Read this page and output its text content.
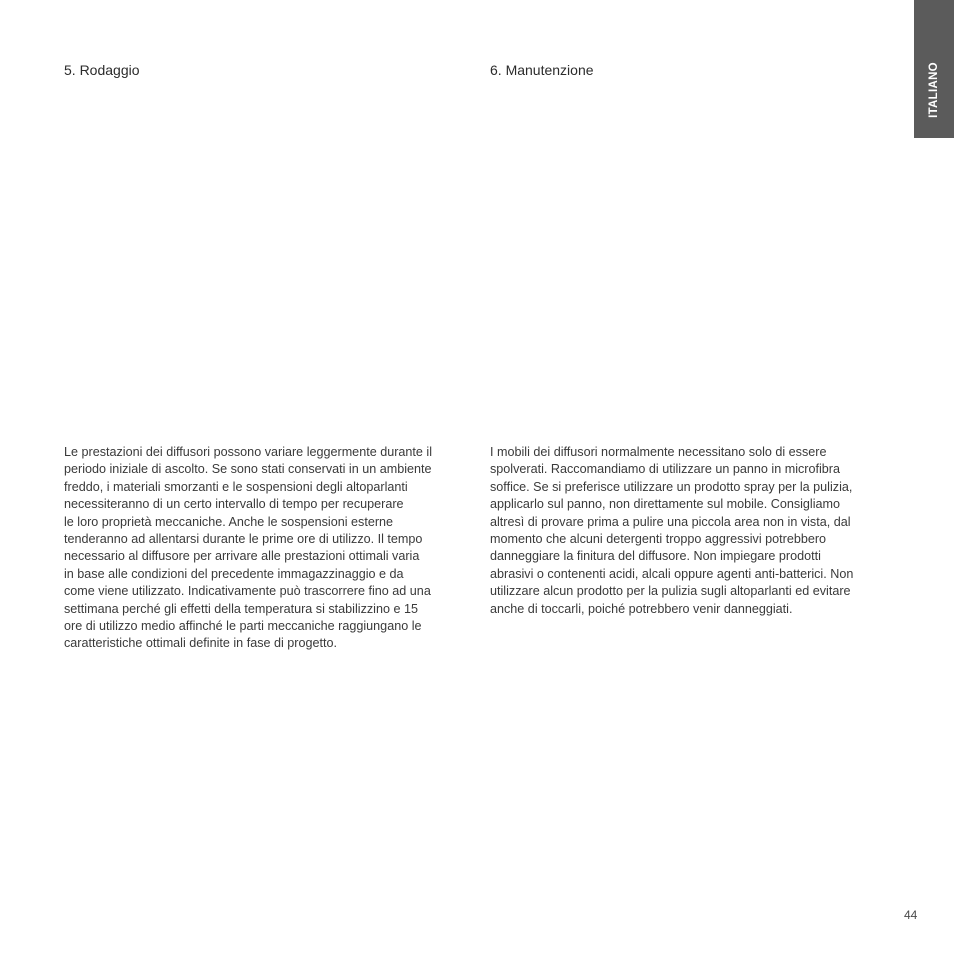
5. Rodaggio	6. Manutenzione
Le prestazioni dei diffusori possono variare leggermente durante il
periodo iniziale di ascolto. Se sono stati conservati in un ambiente
freddo, i materiali smorzanti e le sospensioni degli altoparlanti
necessiteranno di un certo intervallo di tempo per recuperare
le loro proprietà meccaniche. Anche le sospensioni esterne
tenderanno ad allentarsi durante le prime ore di utilizzo. Il tempo
necessario al diffusore per arrivare alle prestazioni ottimali varia
in base alle condizioni del precedente immagazzinaggio e da
come viene utilizzato. Indicativamente può trascorrere fino ad una
settimana perché gli effetti della temperatura si stabilizzino e 15
ore di utilizzo medio affinché le parti meccaniche raggiungano le
caratteristiche ottimali definite in fase di progetto.
I mobili dei diffusori normalmente necessitano solo di essere
spolverati. Raccomandiamo di utilizzare un panno in microfibra
soffice. Se si preferisce utilizzare un prodotto spray per la pulizia,
applicarlo sul panno, non direttamente sul mobile. Consigliamo
altresì di provare prima a pulire una piccola area non in vista, dal
momento che alcuni detergenti troppo aggressivi potrebbero
danneggiare la finitura del diffusore. Non impiegare prodotti
abrasivi o contenenti acidi, alcali oppure agenti anti-batterici. Non
utilizzare alcun prodotto per la pulizia sugli altoparlanti ed evitare
anche di toccarli, poiché potrebbero venir danneggiati.
ITALIANO
44
